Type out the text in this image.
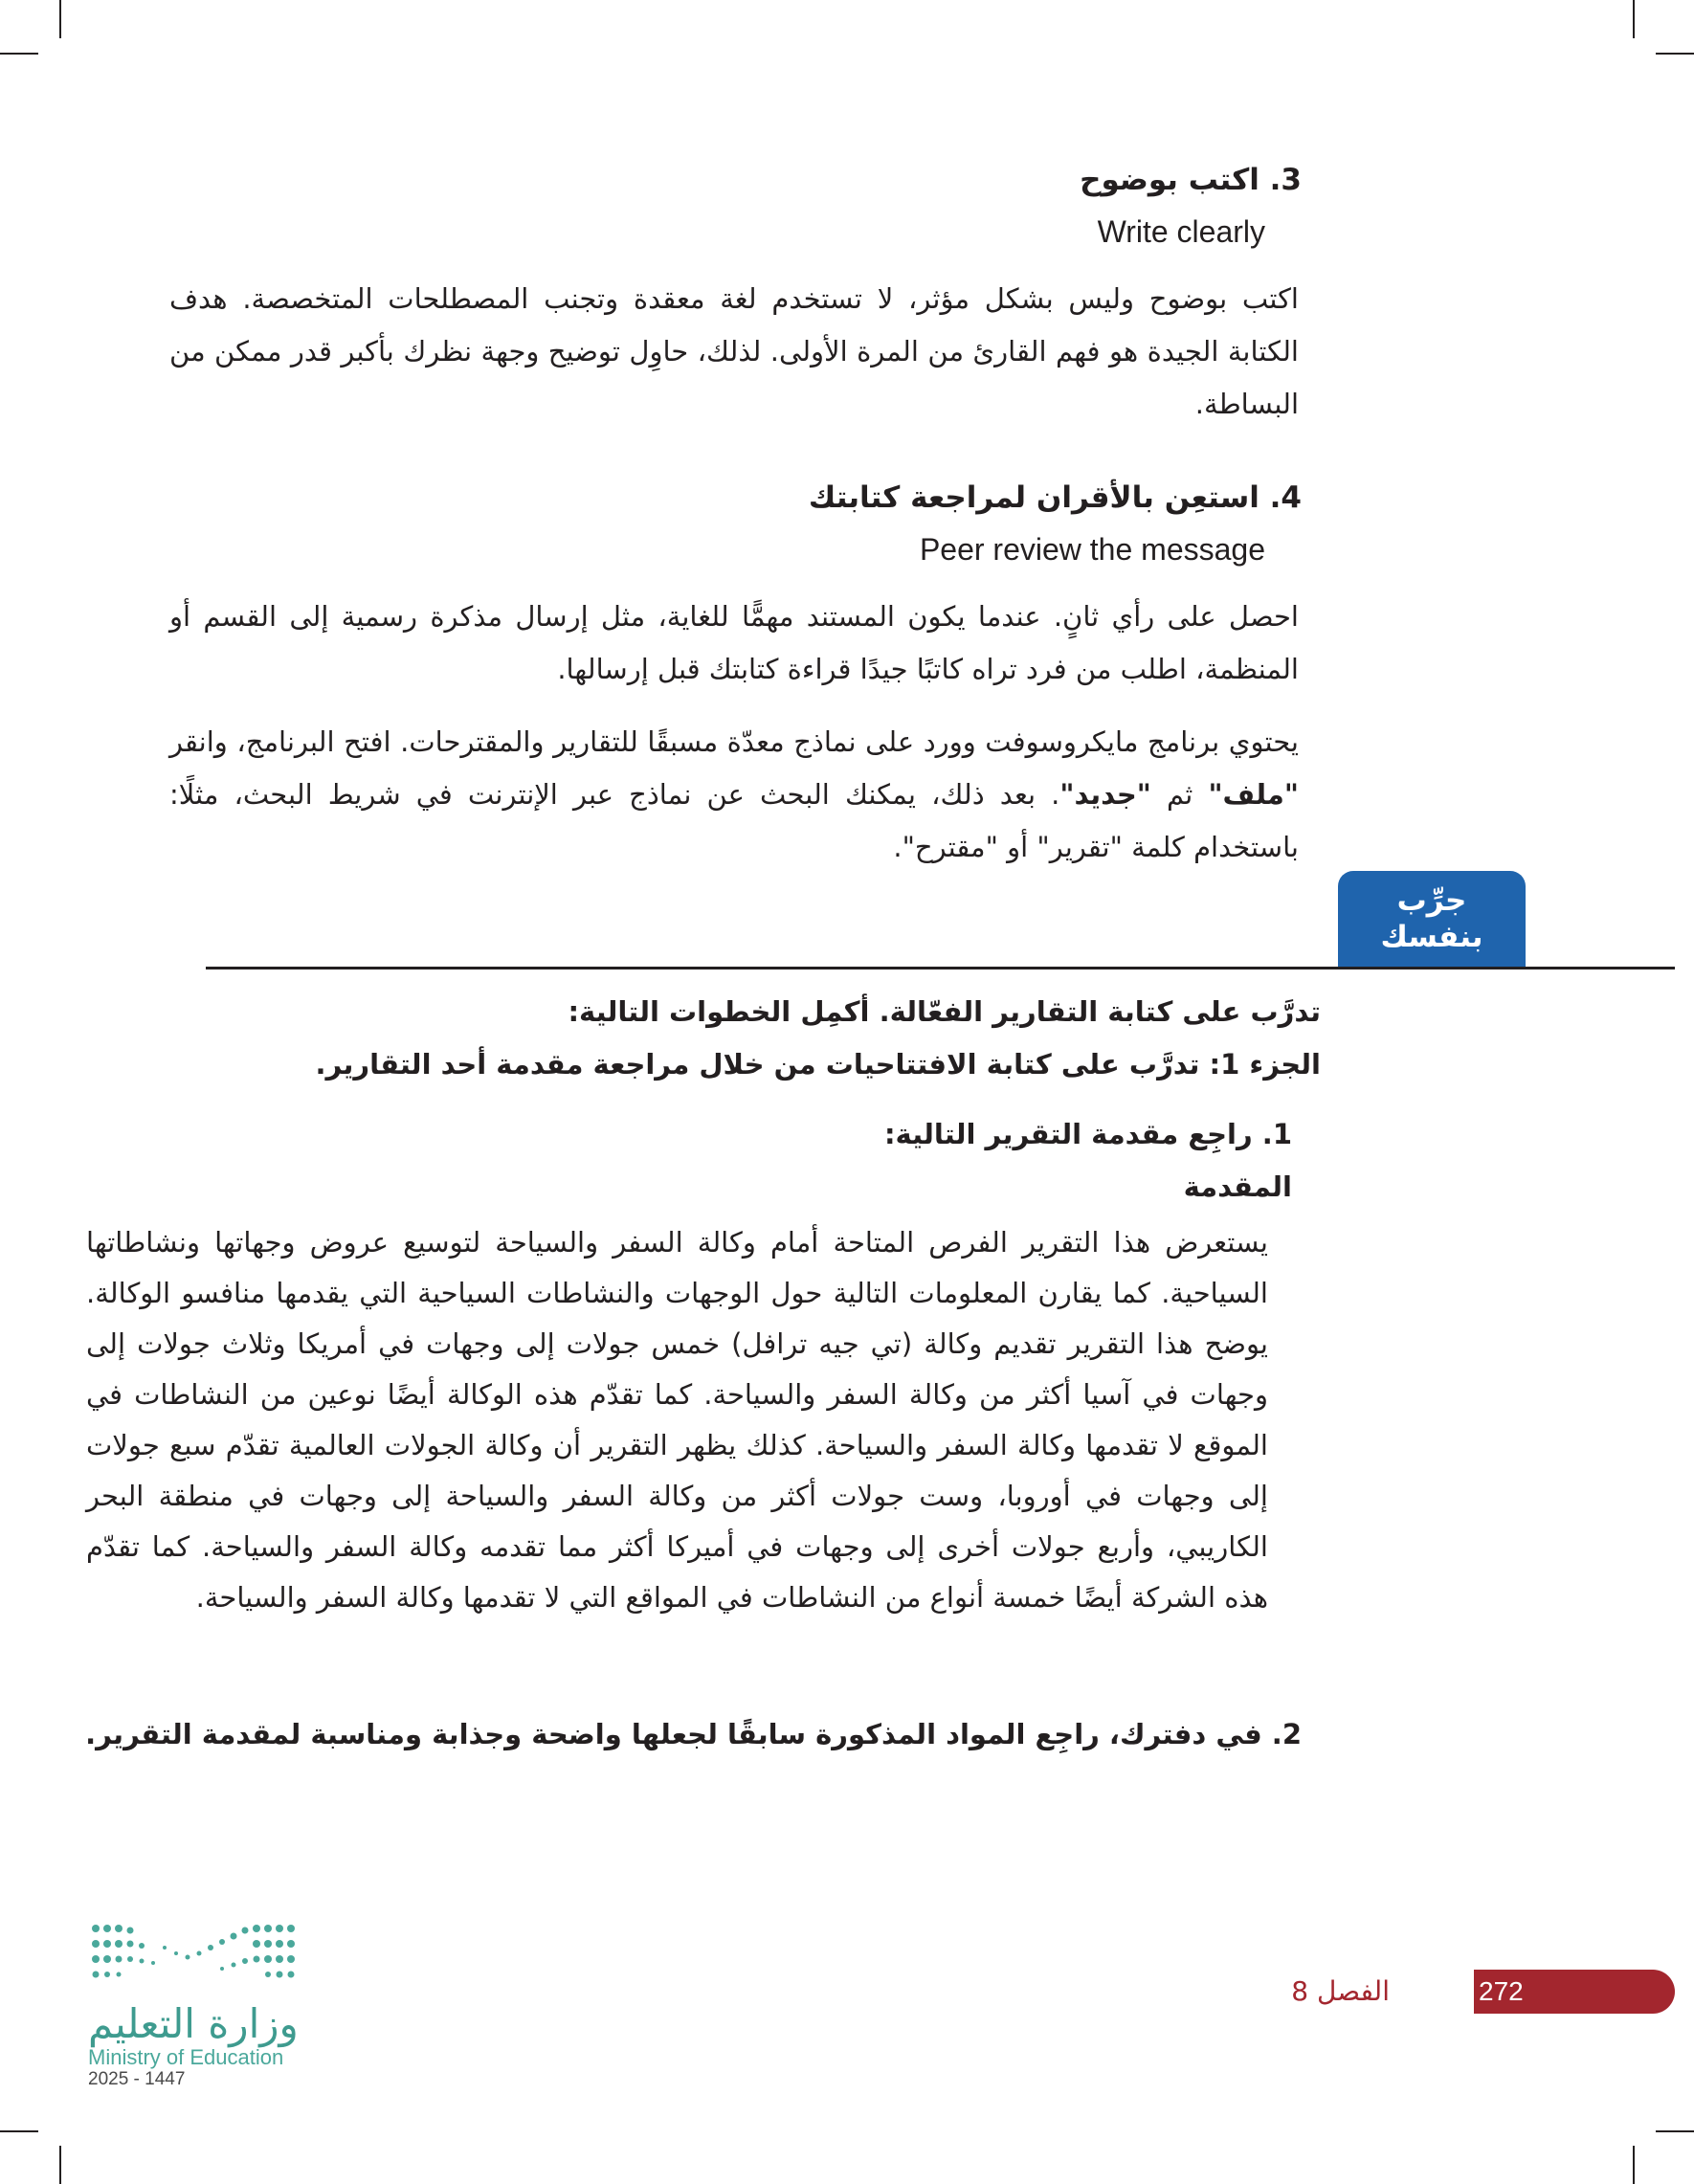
3. اكتب بوضوح
Write clearly
اكتب بوضوح وليس بشكل مؤثر، لا تستخدم لغة معقدة وتجنب المصطلحات المتخصصة. هدف الكتابة الجيدة هو فهم القارئ من المرة الأولى. لذلك، حاوِل توضيح وجهة نظرك بأكبر قدر ممكن من البساطة.
4. استعِن بالأقران لمراجعة كتابتك
Peer review the message
احصل على رأي ثانٍ. عندما يكون المستند مهمًّا للغاية، مثل إرسال مذكرة رسمية إلى القسم أو المنظمة، اطلب من فرد تراه كاتبًا جيدًا قراءة كتابتك قبل إرسالها.
يحتوي برنامج مايكروسوفت وورد على نماذج معدّة مسبقًا للتقارير والمقترحات. افتح البرنامج، وانقر "ملف" ثم "جديد". بعد ذلك، يمكنك البحث عن نماذج عبر الإنترنت في شريط البحث، مثلًا: باستخدام كلمة "تقرير" أو "مقترح".
جرِّب
بنفسك
تدرَّب على كتابة التقارير الفعّالة. أكمِل الخطوات التالية:
الجزء 1: تدرَّب على كتابة الافتتاحيات من خلال مراجعة مقدمة أحد التقارير.
1. راجِع مقدمة التقرير التالية:
المقدمة
يستعرض هذا التقرير الفرص المتاحة أمام وكالة السفر والسياحة لتوسيع عروض وجهاتها ونشاطاتها السياحية. كما يقارن المعلومات التالية حول الوجهات والنشاطات السياحية التي يقدمها منافسو الوكالة. يوضح هذا التقرير تقديم وكالة (تي جيه ترافل) خمس جولات إلى وجهات في أمريكا وثلاث جولات إلى وجهات في آسيا أكثر من وكالة السفر والسياحة. كما تقدّم هذه الوكالة أيضًا نوعين من النشاطات في الموقع لا تقدمها وكالة السفر والسياحة. كذلك يظهر التقرير أن وكالة الجولات العالمية تقدّم سبع جولات إلى وجهات في أوروبا، وست جولات أكثر من وكالة السفر والسياحة إلى وجهات في منطقة البحر الكاريبي، وأربع جولات أخرى إلى وجهات في أميركا أكثر مما تقدمه وكالة السفر والسياحة. كما تقدّم هذه الشركة أيضًا خمسة أنواع من النشاطات في المواقع التي لا تقدمها وكالة السفر والسياحة.
2. في دفترك، راجِع المواد المذكورة سابقًا لجعلها واضحة وجذابة ومناسبة لمقدمة التقرير.
وزارة التعليم
Ministry of Education
2025 - 1447
272
الفصل 8
